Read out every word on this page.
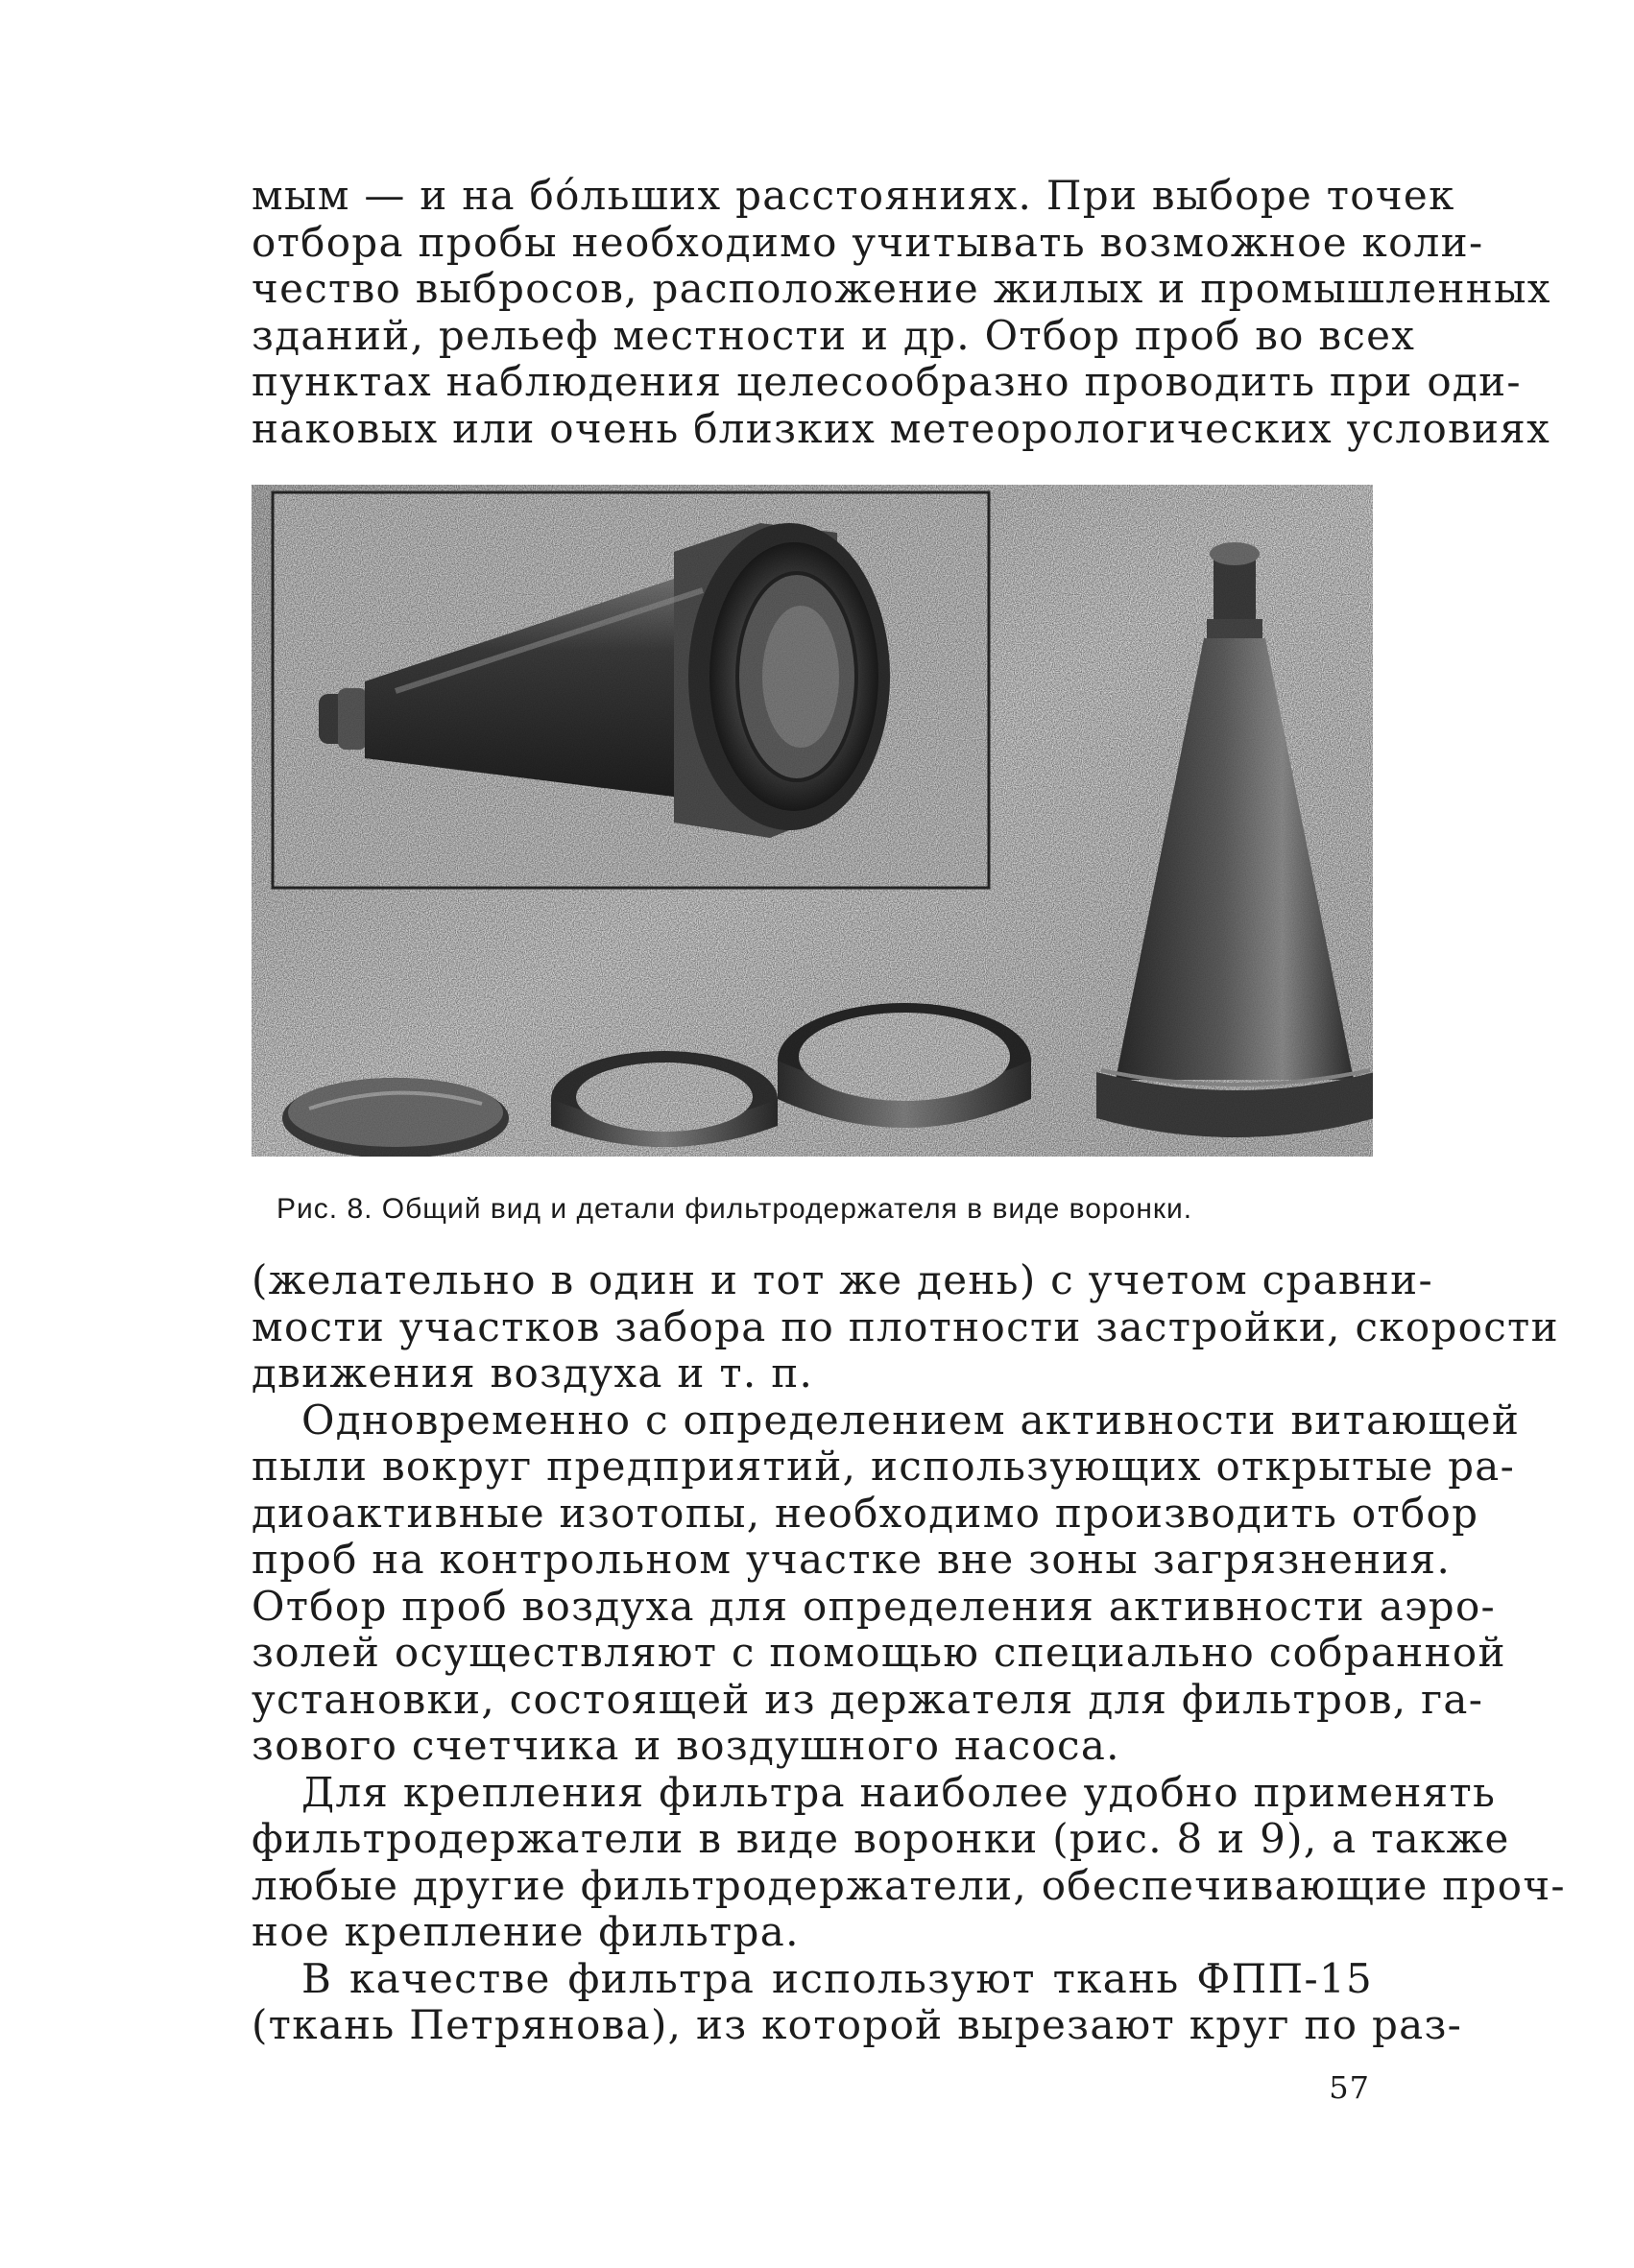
мым — и на бóльших расстояниях. При выборе точек
отбора пробы необходимо учитывать возможное коли-
чество выбросов, расположение жилых и промышленных
зданий, рельеф местности и др. Отбор проб во всех
пунктах наблюдения целесообразно проводить при оди-
наковых или очень близких метеорологических условиях
Рис. 8. Общий вид и детали фильтродержателя в виде воронки.
(желательно в один и тот же день) с учетом сравни-
мости участков забора по плотности застройки, скорости
движения воздуха и т. п.
Одновременно с определением активности витающей
пыли вокруг предприятий, использующих открытые ра-
диоактивные изотопы, необходимо производить отбор
проб на контрольном участке вне зоны загрязнения.
Отбор проб воздуха для определения активности аэро-
золей осуществляют с помощью специально собранной
установки, состоящей из держателя для фильтров, га-
зового счетчика и воздушного насоса.
Для крепления фильтра наиболее удобно применять
фильтродержатели в виде воронки (рис. 8 и 9), а также
любые другие фильтродержатели, обеспечивающие проч-
ное крепление фильтра.
В качестве фильтра используют ткань ФПП-15
(ткань Петрянова), из которой вырезают круг по раз-
57
